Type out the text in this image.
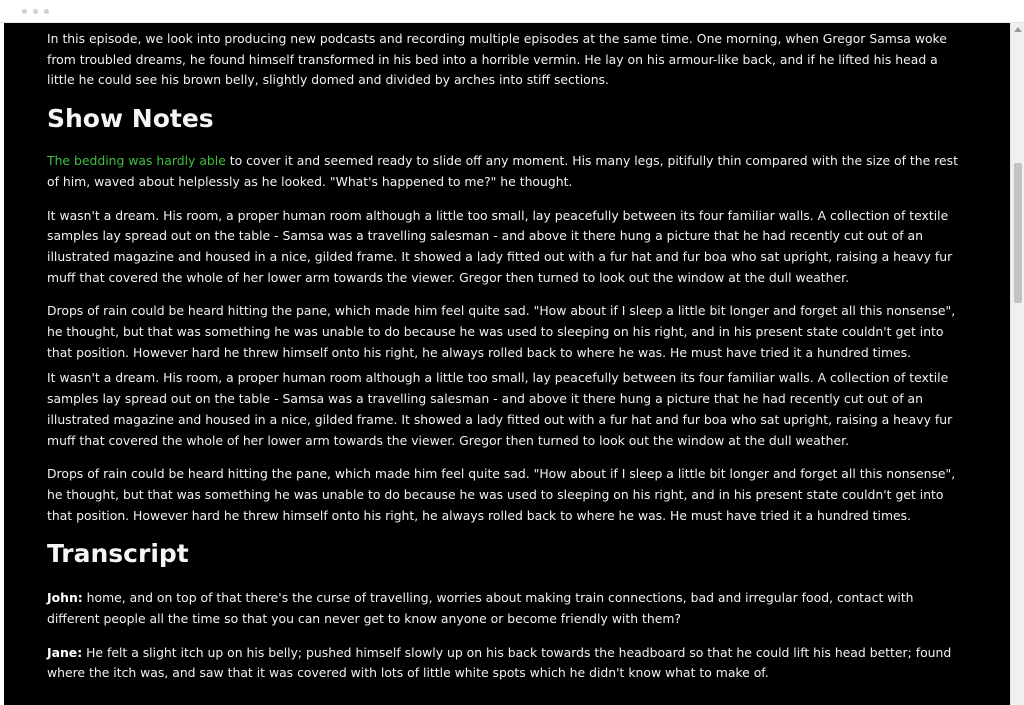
In this episode, we look into producing new podcasts and recording multiple episodes at the same time. One morning, when Gregor Samsa woke from troubled dreams, he found himself transformed in his bed into a horrible vermin. He lay on his armour-like back, and if he lifted his head a little he could see his brown belly, slightly domed and divided by arches into stiff sections.

Show Notes

The bedding was hardly able to cover it and seemed ready to slide off any moment. His many legs, pitifully thin compared with the size of the rest of him, waved about helplessly as he looked. "What's happened to me?" he thought.

It wasn't a dream. His room, a proper human room although a little too small, lay peacefully between its four familiar walls. A collection of textile samples lay spread out on the table - Samsa was a travelling salesman - and above it there hung a picture that he had recently cut out of an illustrated magazine and housed in a nice, gilded frame. It showed a lady fitted out with a fur hat and fur boa who sat upright, raising a heavy fur muff that covered the whole of her lower arm towards the viewer. Gregor then turned to look out the window at the dull weather.

Drops of rain could be heard hitting the pane, which made him feel quite sad. "How about if I sleep a little bit longer and forget all this nonsense", he thought, but that was something he was unable to do because he was used to sleeping on his right, and in his present state couldn't get into that position. However hard he threw himself onto his right, he always rolled back to where he was. He must have tried it a hundred times.

It wasn't a dream. His room, a proper human room although a little too small, lay peacefully between its four familiar walls. A collection of textile samples lay spread out on the table - Samsa was a travelling salesman - and above it there hung a picture that he had recently cut out of an illustrated magazine and housed in a nice, gilded frame. It showed a lady fitted out with a fur hat and fur boa who sat upright, raising a heavy fur muff that covered the whole of her lower arm towards the viewer. Gregor then turned to look out the window at the dull weather.

Drops of rain could be heard hitting the pane, which made him feel quite sad. "How about if I sleep a little bit longer and forget all this nonsense", he thought, but that was something he was unable to do because he was used to sleeping on his right, and in his present state couldn't get into that position. However hard he threw himself onto his right, he always rolled back to where he was. He must have tried it a hundred times.

Transcript

John: home, and on top of that there's the curse of travelling, worries about making train connections, bad and irregular food, contact with different people all the time so that you can never get to know anyone or become friendly with them?

Jane: He felt a slight itch up on his belly; pushed himself slowly up on his back towards the headboard so that he could lift his head better; found where the itch was, and saw that it was covered with lots of little white spots which he didn't know what to make of.
